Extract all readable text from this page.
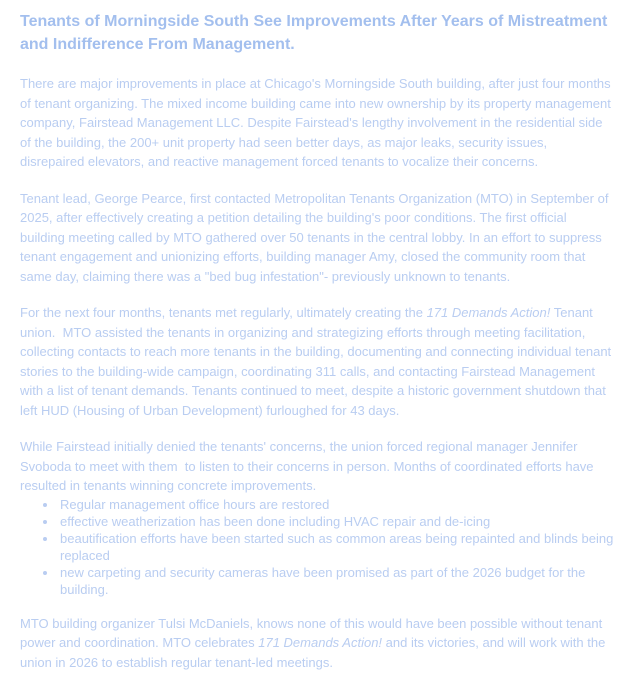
Tenants of Morningside South See Improvements After Years of Mistreatment and Indifference From Management.

There are major improvements in place at Chicago's Morningside South building, after just four months of tenant organizing. The mixed income building came into new ownership by its property management company, Fairstead Management LLC. Despite Fairstead's lengthy involvement in the residential side of the building, the 200+ unit property had seen better days, as major leaks, security issues, disrepaired elevators, and reactive management forced tenants to vocalize their concerns.

Tenant lead, George Pearce, first contacted Metropolitan Tenants Organization (MTO) in September of 2025, after effectively creating a petition detailing the building's poor conditions. The first official building meeting called by MTO gathered over 50 tenants in the central lobby. In an effort to suppress tenant engagement and unionizing efforts, building manager Amy, closed the community room that same day, claiming there was a "bed bug infestation"- previously unknown to tenants.

For the next four months, tenants met regularly, ultimately creating the 171 Demands Action! Tenant union.  MTO assisted the tenants in organizing and strategizing efforts through meeting facilitation, collecting contacts to reach more tenants in the building, documenting and connecting individual tenant stories to the building-wide campaign, coordinating 311 calls, and contacting Fairstead Management with a list of tenant demands. Tenants continued to meet, despite a historic government shutdown that left HUD (Housing of Urban Development) furloughed for 43 days.

While Fairstead initially denied the tenants' concerns, the union forced regional manager Jennifer Svoboda to meet with them  to listen to their concerns in person. Months of coordinated efforts have resulted in tenants winning concrete improvements.

• Regular management office hours are restored
• effective weatherization has been done including HVAC repair and de-icing
• beautification efforts have been started such as common areas being repainted and blinds being replaced
• new carpeting and security cameras have been promised as part of the 2026 budget for the building.

MTO building organizer Tulsi McDaniels, knows none of this would have been possible without tenant power and coordination. MTO celebrates 171 Demands Action! and its victories, and will work with the union in 2026 to establish regular tenant-led meetings.
